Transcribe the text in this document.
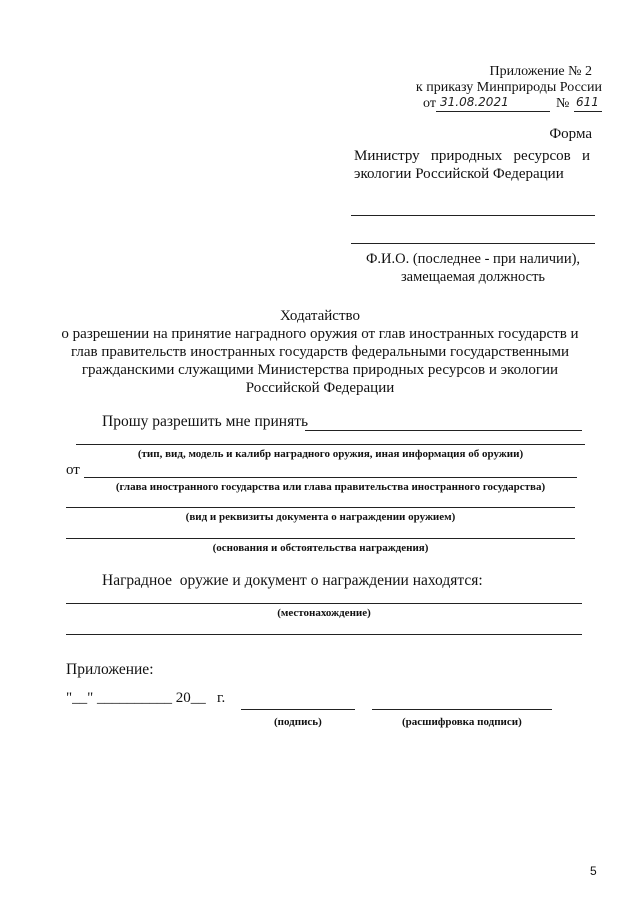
Приложение № 2
к приказу Минприроды России
от 31.08.2021	№ 611
Форма
Министру   природных   ресурсов   и
экологии Российской Федерации
Ф.И.О. (последнее - при наличии),
замещаемая должность
Ходатайство
о разрешении на принятие наградного оружия от глав иностранных государств и
глав правительств иностранных государств федеральными государственными
гражданскими служащими Министерства природных ресурсов и экологии
Российской Федерации
Прошу разрешить мне принять
(тип, вид, модель и калибр наградного оружия, иная информация об оружии)
от
(глава иностранного государства или глава правительства иностранного государства)
(вид и реквизиты документа о награждении оружием)
(основания и обстоятельства награждения)
Наградное  оружие и документ о награждении находятся:
(местонахождение)
Приложение:
"__" __________ 20__   г.
(подпись)	(расшифровка подписи)
5
